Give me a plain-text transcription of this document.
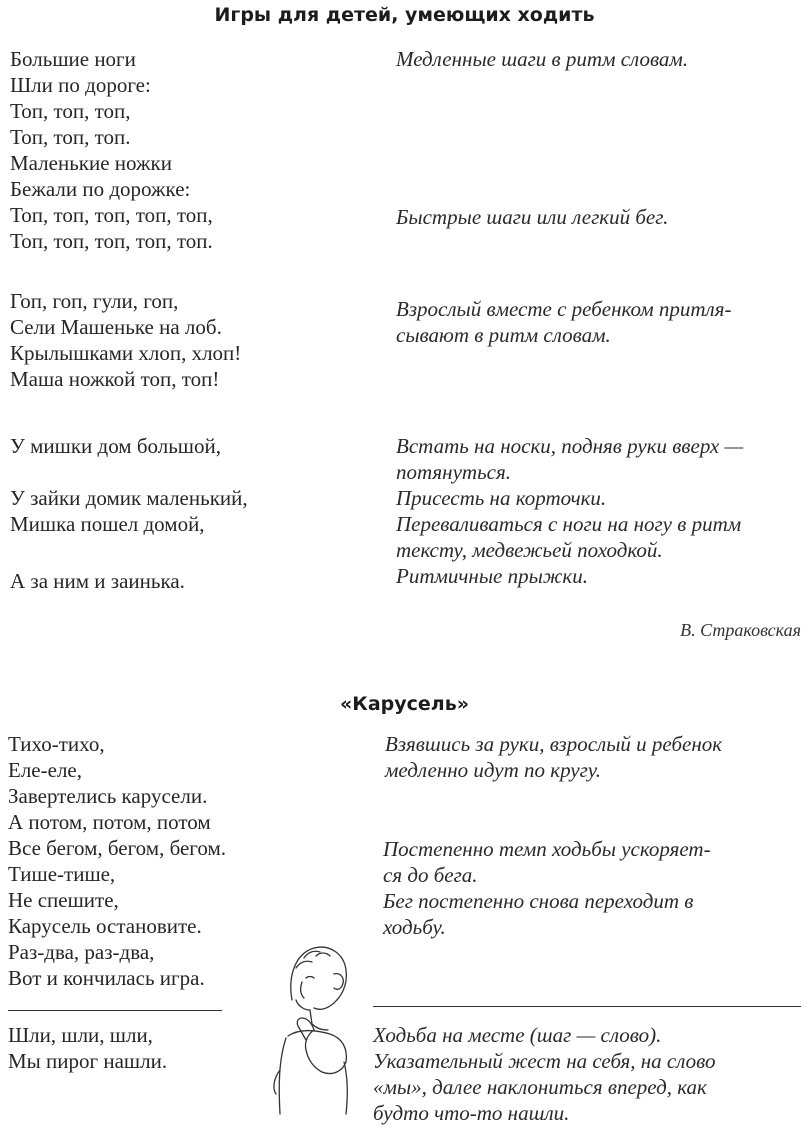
Игры для детей, умеющих ходить
Большие ноги
Шли по дороге:
Топ, топ, топ,
Топ, топ, топ.
Маленькие ножки
Бежали по дорожке:
Топ, топ, топ, топ, топ,
Топ, топ, топ, топ, топ.
Медленные шаги в ритм словам.
Быстрые шаги или легкий бег.
Гоп, гоп, гули, гоп,
Сели Машеньке на лоб.
Крылышками хлоп, хлоп!
Маша ножкой топ, топ!
Взрослый вместе с ребенком притля-
сывают в ритм словам.
У мишки дом большой,
У зайки домик маленький,
Мишка пошел домой,
А за ним и заинька.
Встать на носки, подняв руки вверх —
потянуться.
Присесть на корточки.
Переваливаться с ноги на ногу в ритм
тексту, медвежьей походкой.
Ритмичные прыжки.
В. Страковская
«Карусель»
Тихо-тихо,
Еле-еле,
Завертелись карусели.
А потом, потом, потом
Все бегом, бегом, бегом.
Тише-тише,
Не спешите,
Карусель остановите.
Раз-два, раз-два,
Вот и кончилась игра.
Взявшись за руки, взрослый и ребенок
медленно идут по кругу.
Постепенно темп ходьбы ускоряет-
ся до бега.
Бег постепенно снова переходит в
ходьбу.
Шли, шли, шли,
Мы пирог нашли.
Ходьба на месте (шаг — слово).
Указательный жест на себя, на слово
«мы», далее наклониться вперед, как
будто что-то нашли.
